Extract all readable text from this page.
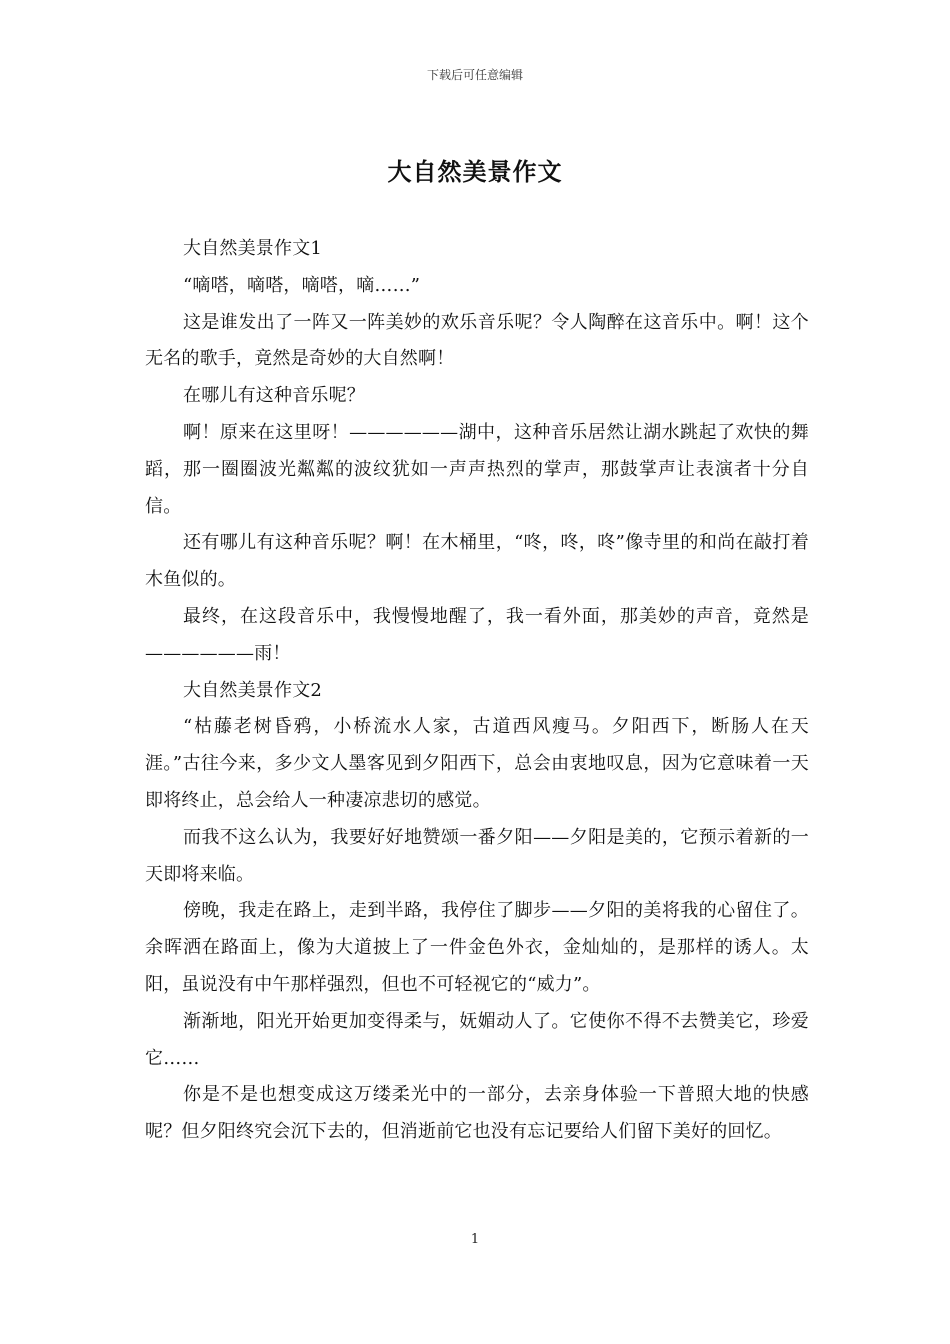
下载后可任意编辑
大自然美景作文

大自然美景作文1

“嘀嗒，嘀嗒，嘀嗒，嘀……”

这是谁发出了一阵又一阵美妙的欢乐音乐呢？令人陶醉在这音乐中。啊！这个无名的歌手，竟然是奇妙的大自然啊！

在哪儿有这种音乐呢？

啊！原来在这里呀！——————湖中，这种音乐居然让湖水跳起了欢快的舞蹈，那一圈圈波光粼粼的波纹犹如一声声热烈的掌声，那鼓掌声让表演者十分自信。

还有哪儿有这种音乐呢？啊！在木桶里，“咚，咚，咚”像寺里的和尚在敲打着木鱼似的。

最终，在这段音乐中，我慢慢地醒了，我一看外面，那美妙的声音，竟然是——————雨！

大自然美景作文2

“枯藤老树昏鸦，小桥流水人家，古道西风瘦马。夕阳西下，断肠人在天涯。”古往今来，多少文人墨客见到夕阳西下，总会由衷地叹息，因为它意味着一天即将终止，总会给人一种凄凉悲切的感觉。

而我不这么认为，我要好好地赞颂一番夕阳——夕阳是美的，它预示着新的一天即将来临。

傍晚，我走在路上，走到半路，我停住了脚步——夕阳的美将我的心留住了。余晖洒在路面上，像为大道披上了一件金色外衣，金灿灿的，是那样的诱人。太阳，虽说没有中午那样强烈，但也不可轻视它的“威力”。

渐渐地，阳光开始更加变得柔与，妩媚动人了。它使你不得不去赞美它，珍爱它……

你是不是也想变成这万缕柔光中的一部分，去亲身体验一下普照大地的快感呢？但夕阳终究会沉下去的，但消逝前它也没有忘记要给人们留下美好的回忆。

1
